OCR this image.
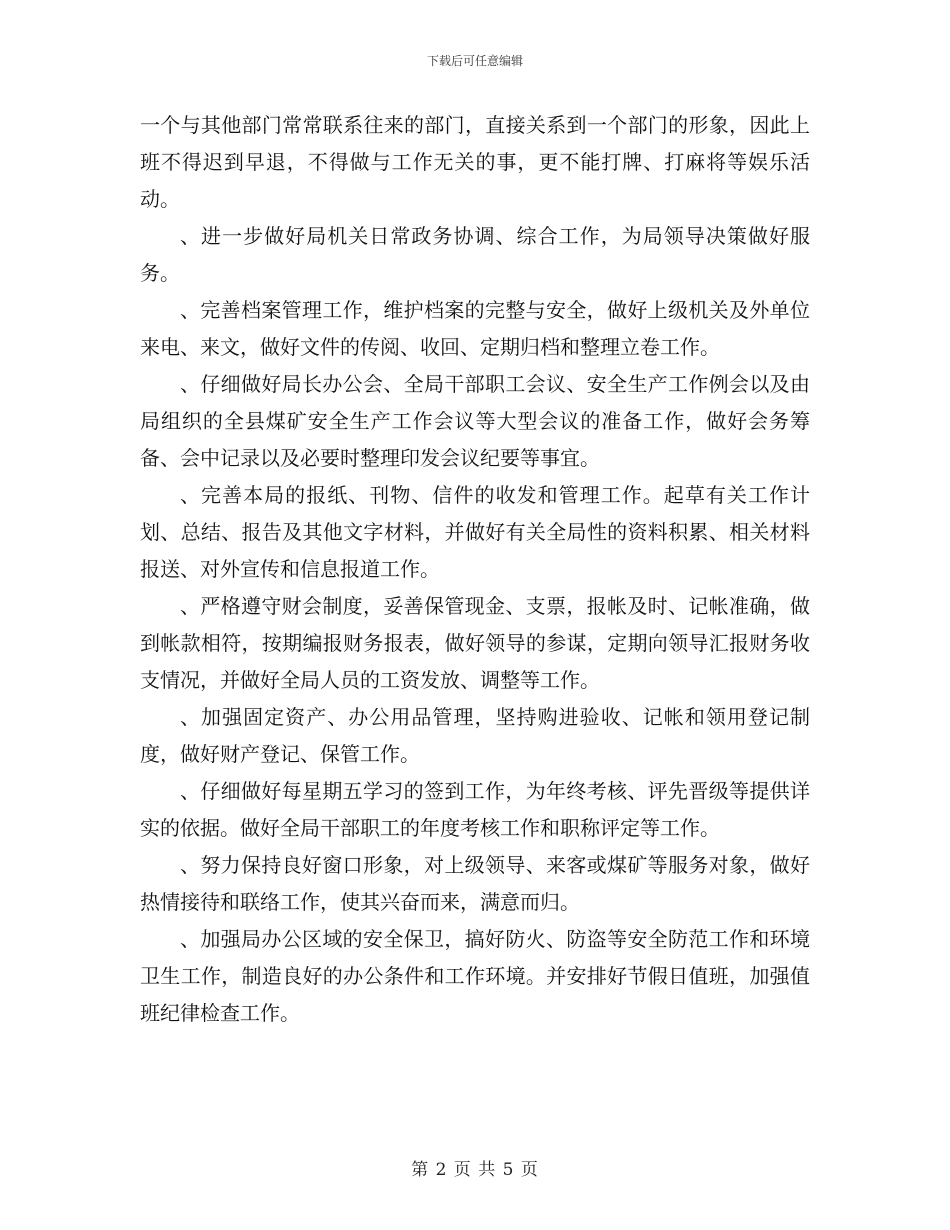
下载后可任意编辑

一个与其他部门常常联系往来的部门，直接关系到一个部门的形象，因此上班不得迟到早退，不得做与工作无关的事，更不能打牌、打麻将等娱乐活动。

、进一步做好局机关日常政务协调、综合工作，为局领导决策做好服务。

、完善档案管理工作，维护档案的完整与安全，做好上级机关及外单位来电、来文，做好文件的传阅、收回、定期归档和整理立卷工作。

、仔细做好局长办公会、全局干部职工会议、安全生产工作例会以及由局组织的全县煤矿安全生产工作会议等大型会议的准备工作，做好会务筹备、会中记录以及必要时整理印发会议纪要等事宜。

、完善本局的报纸、刊物、信件的收发和管理工作。起草有关工作计划、总结、报告及其他文字材料，并做好有关全局性的资料积累、相关材料报送、对外宣传和信息报道工作。

、严格遵守财会制度，妥善保管现金、支票，报帐及时、记帐准确，做到帐款相符，按期编报财务报表，做好领导的参谋，定期向领导汇报财务收支情况，并做好全局人员的工资发放、调整等工作。

、加强固定资产、办公用品管理，坚持购进验收、记帐和领用登记制度，做好财产登记、保管工作。

、仔细做好每星期五学习的签到工作，为年终考核、评先晋级等提供详实的依据。做好全局干部职工的年度考核工作和职称评定等工作。

、努力保持良好窗口形象，对上级领导、来客或煤矿等服务对象，做好热情接待和联络工作，使其兴奋而来，满意而归。

、加强局办公区域的安全保卫，搞好防火、防盗等安全防范工作和环境卫生工作，制造良好的办公条件和工作环境。并安排好节假日值班，加强值班纪律检查工作。

第 2 页 共 5 页
